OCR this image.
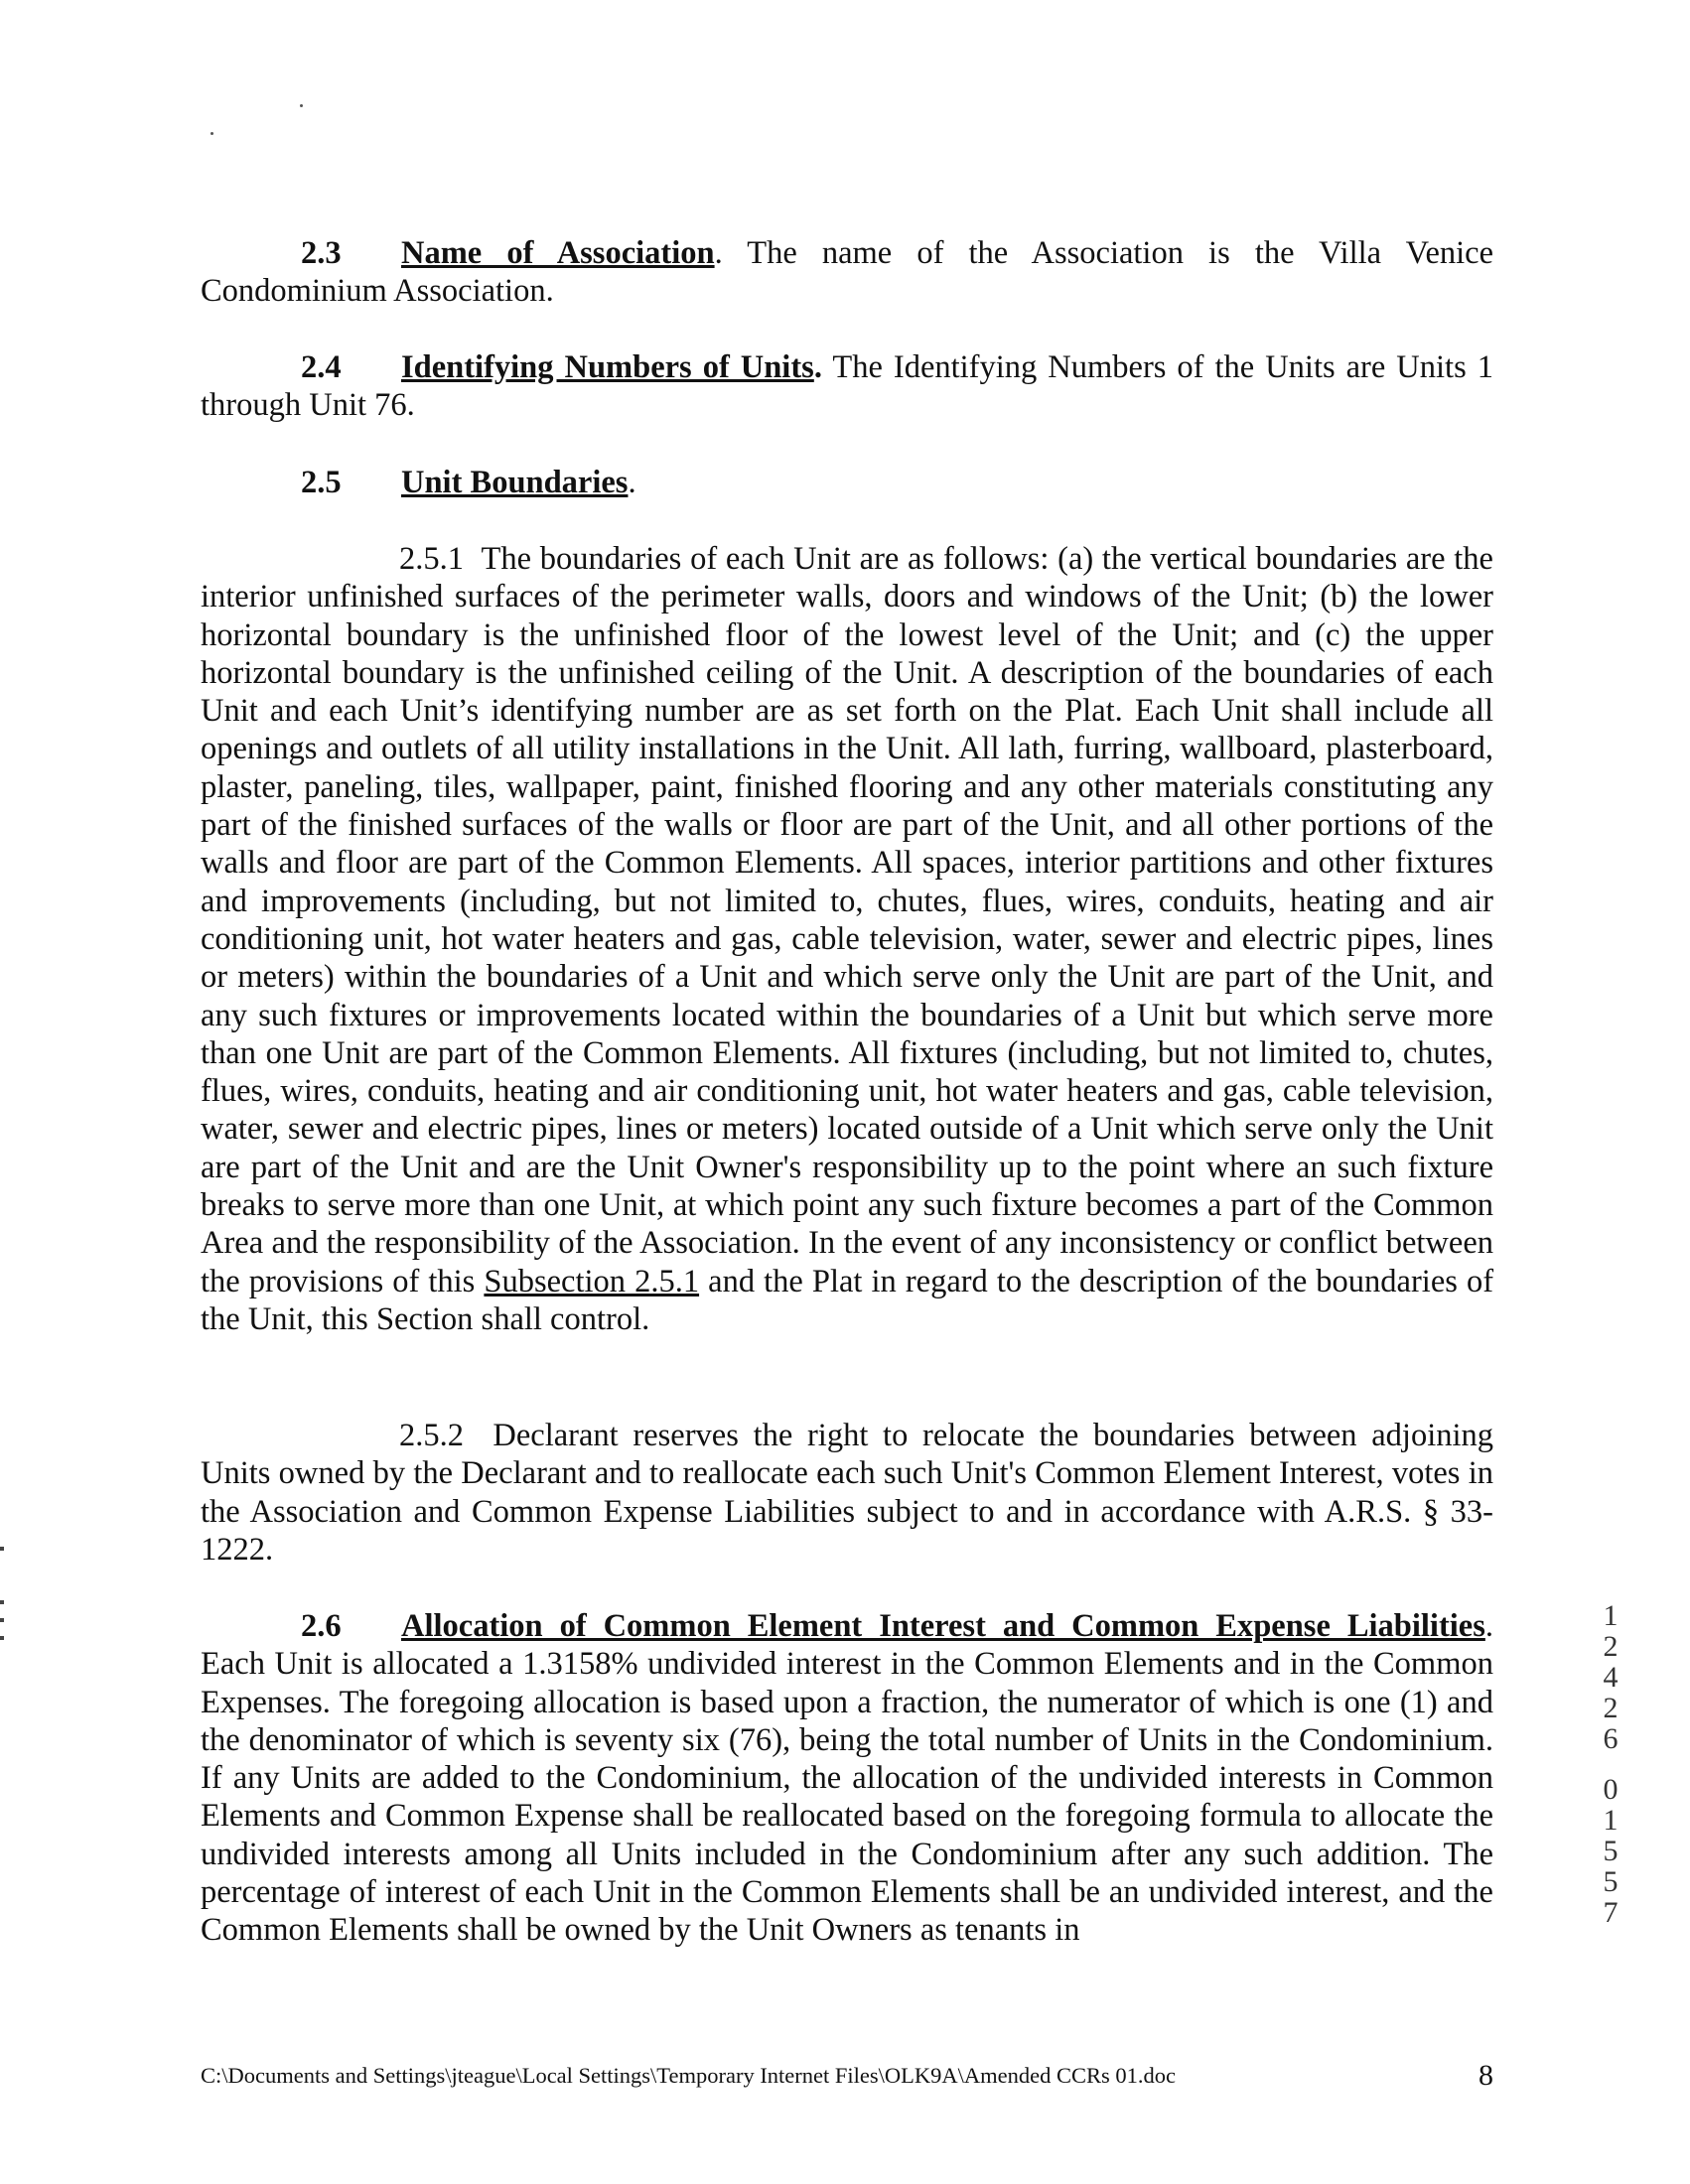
2.3 Name of Association. The name of the Association is the Villa Venice Condominium Association.
2.4 Identifying Numbers of Units. The Identifying Numbers of the Units are Units 1 through Unit 76.
2.5 Unit Boundaries.
2.5.1 The boundaries of each Unit are as follows: (a) the vertical boundaries are the interior unfinished surfaces of the perimeter walls, doors and windows of the Unit; (b) the lower horizontal boundary is the unfinished floor of the lowest level of the Unit; and (c) the upper horizontal boundary is the unfinished ceiling of the Unit. A description of the boundaries of each Unit and each Unit’s identifying number are as set forth on the Plat. Each Unit shall include all openings and outlets of all utility installations in the Unit. All lath, furring, wallboard, plasterboard, plaster, paneling, tiles, wallpaper, paint, finished flooring and any other materials constituting any part of the finished surfaces of the walls or floor are part of the Unit, and all other portions of the walls and floor are part of the Common Elements. All spaces, interior partitions and other fixtures and improvements (including, but not limited to, chutes, flues, wires, conduits, heating and air conditioning unit, hot water heaters and gas, cable television, water, sewer and electric pipes, lines or meters) within the boundaries of a Unit and which serve only the Unit are part of the Unit, and any such fixtures or improvements located within the boundaries of a Unit but which serve more than one Unit are part of the Common Elements. All fixtures (including, but not limited to, chutes, flues, wires, conduits, heating and air conditioning unit, hot water heaters and gas, cable television, water, sewer and electric pipes, lines or meters) located outside of a Unit which serve only the Unit are part of the Unit and are the Unit Owner's responsibility up to the point where an such fixture breaks to serve more than one Unit, at which point any such fixture becomes a part of the Common Area and the responsibility of the Association. In the event of any inconsistency or conflict between the provisions of this Subsection 2.5.1 and the Plat in regard to the description of the boundaries of the Unit, this Section shall control.
2.5.2 Declarant reserves the right to relocate the boundaries between adjoining Units owned by the Declarant and to reallocate each such Unit's Common Element Interest, votes in the Association and Common Expense Liabilities subject to and in accordance with A.R.S. § 33-1222.
2.6 Allocation of Common Element Interest and Common Expense Liabilities. Each Unit is allocated a 1.3158% undivided interest in the Common Elements and in the Common Expenses. The foregoing allocation is based upon a fraction, the numerator of which is one (1) and the denominator of which is seventy six (76), being the total number of Units in the Condominium. If any Units are added to the Condominium, the allocation of the undivided interests in Common Elements and Common Expense shall be reallocated based on the foregoing formula to allocate the undivided interests among all Units included in the Condominium after any such addition. The percentage of interest of each Unit in the Common Elements shall be an undivided interest, and the Common Elements shall be owned by the Unit Owners as tenants in
1
2
4
2
6
0
1
5
5
7
C:\Documents and Settings\jteague\Local Settings\Temporary Internet Files\OLK9A\Amended CCRs 01.doc	8
